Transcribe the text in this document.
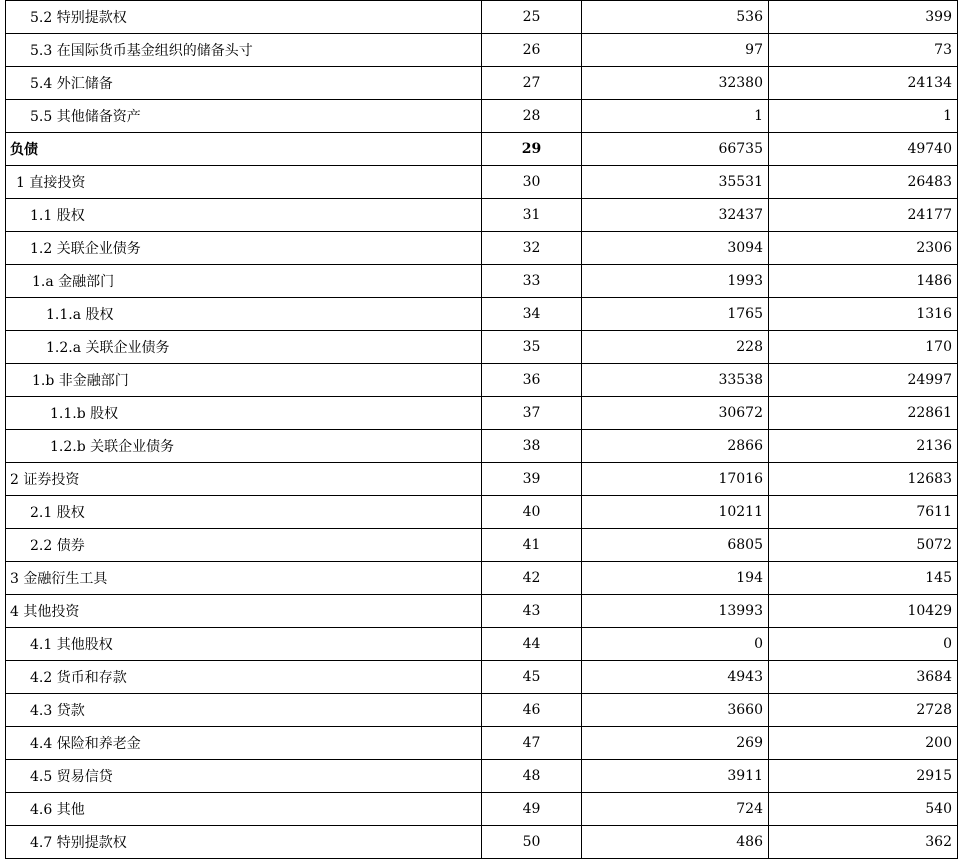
5.2 特别提款权	25	536	399
5.3 在国际货币基金组织的储备头寸	26	97	73
5.4 外汇储备	27	32380	24134
5.5 其他储备资产	28	1	1
负债	29	66735	49740
1 直接投资	30	35531	26483
1.1 股权	31	32437	24177
1.2 关联企业债务	32	3094	2306
1.a 金融部门	33	1993	1486
1.1.a 股权	34	1765	1316
1.2.a 关联企业债务	35	228	170
1.b 非金融部门	36	33538	24997
1.1.b 股权	37	30672	22861
1.2.b 关联企业债务	38	2866	2136
2 证券投资	39	17016	12683
2.1 股权	40	10211	7611
2.2 债券	41	6805	5072
3 金融衍生工具	42	194	145
4 其他投资	43	13993	10429
4.1 其他股权	44	0	0
4.2 货币和存款	45	4943	3684
4.3 贷款	46	3660	2728
4.4 保险和养老金	47	269	200
4.5 贸易信贷	48	3911	2915
4.6 其他	49	724	540
4.7 特别提款权	50	486	362
